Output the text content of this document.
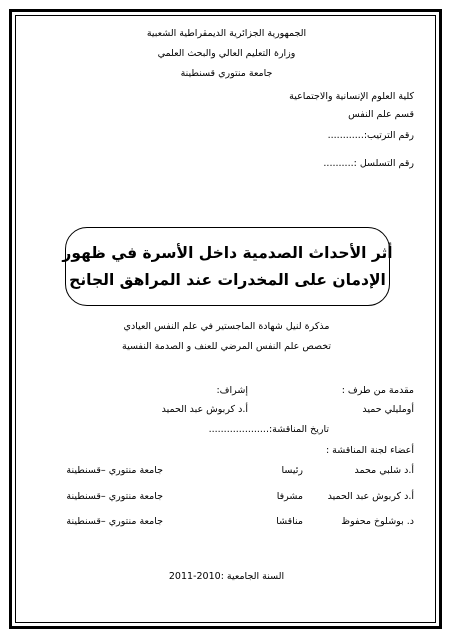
الجمهورية الجزائرية الديمقراطية الشعبية
وزارة التعليم العالي والبحث العلمي
جامعة منتوري قسنطينة
كلية العلوم الإنسانية والاجتماعية
قسم علم النفس
رقم الترتيب:............
رقم التسلسل :..........
أثر الأحداث الصدمية داخل الأسرة في ظهور
الإدمان على المخدرات عند المراهق الجانح
مذكرة لنيل شهادة الماجستير في علم النفس العيادي
تخصص علم النفس المرضي للعنف و الصدمة النفسية
مقدمة من طرف :
إشراف:
أومليلي حميد
أ.د كربوش عبد الحميد
تاريخ المناقشة:....................
أعضاء لجنة المناقشة :
أ.د شلبي محمد
رئيسا
جامعة منتوري –قسنطينة
أ.د كربوش عبد الحميد
مشرفا
جامعة منتوري –قسنطينة
د. بوشلوخ محفوظ
مناقشا
جامعة منتوري –قسنطينة
السنة الجامعية :2010-2011
